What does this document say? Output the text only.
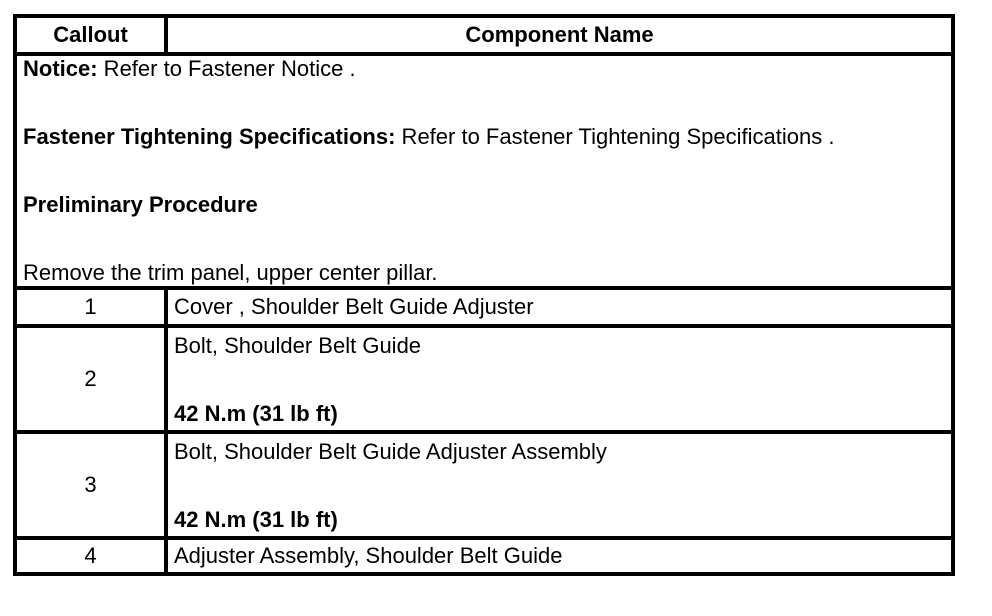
Callout	Component Name

Notice: Refer to Fastener Notice .

Fastener Tightening Specifications: Refer to Fastener Tightening Specifications .

Preliminary Procedure

Remove the trim panel, upper center pillar.	

1	Cover , Shoulder Belt Guide Adjuster
2	Bolt, Shoulder Belt Guide
42 N.m (31 lb ft)

3	Bolt, Shoulder Belt Guide Adjuster Assembly
42 N.m (31 lb ft)

4	Adjuster Assembly, Shoulder Belt Guide
